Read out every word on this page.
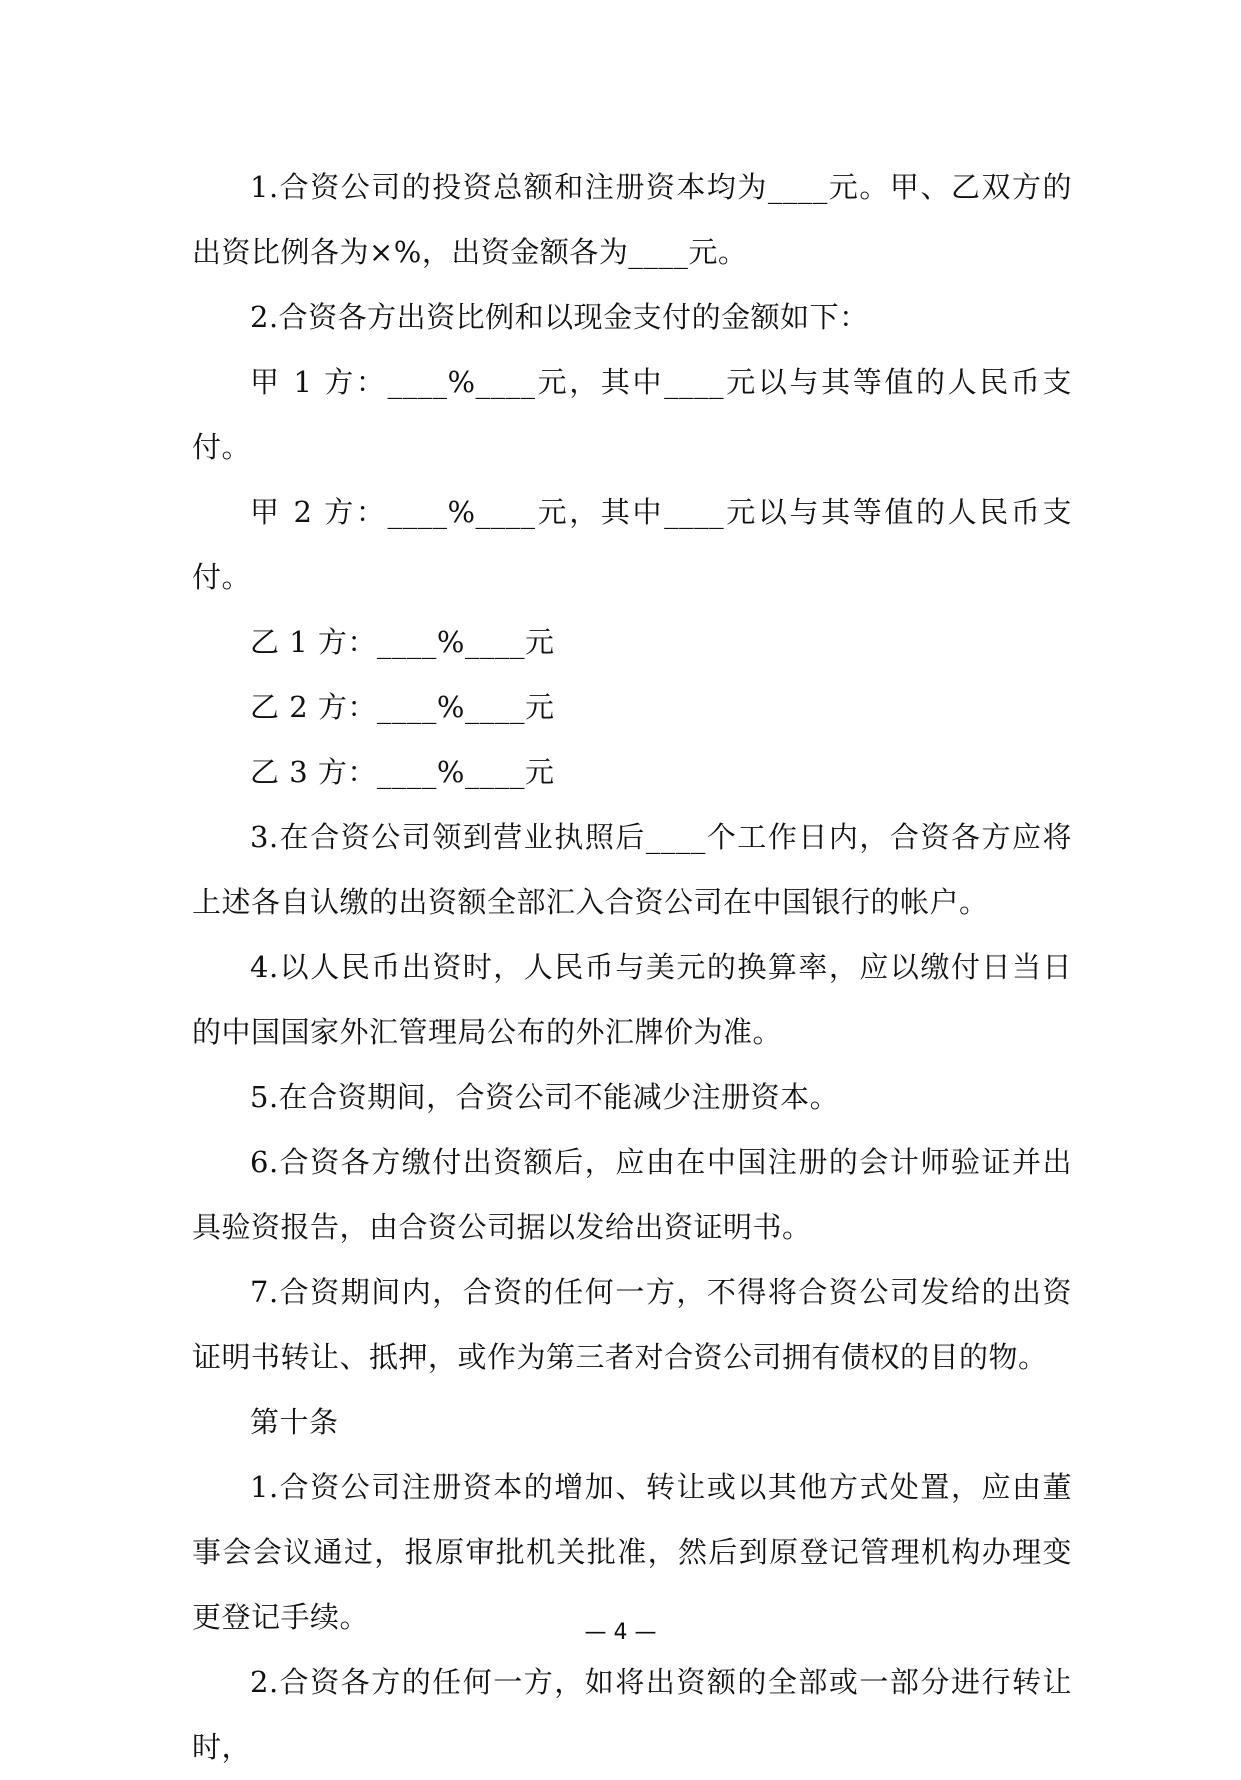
1.合资公司的投资总额和注册资本均为____元。甲、乙双方的出资比例各为×%，出资金额各为____元。

2.合资各方出资比例和以现金支付的金额如下：

甲 1 方：____%____元，其中____元以与其等值的人民币支付。

甲 2 方：____%____元，其中____元以与其等值的人民币支付。

乙 1 方：____%____元

乙 2 方：____%____元

乙 3 方：____%____元

3.在合资公司领到营业执照后____个工作日内，合资各方应将上述各自认缴的出资额全部汇入合资公司在中国银行的帐户。

4.以人民币出资时，人民币与美元的换算率，应以缴付日当日的中国国家外汇管理局公布的外汇牌价为准。

5.在合资期间，合资公司不能减少注册资本。

6.合资各方缴付出资额后，应由在中国注册的会计师验证并出具验资报告，由合资公司据以发给出资证明书。

7.合资期间内，合资的任何一方，不得将合资公司发给的出资证明书转让、抵押，或作为第三者对合资公司拥有债权的目的物。

第十条

1.合资公司注册资本的增加、转让或以其他方式处置，应由董事会会议通过，报原审批机关批准，然后到原登记管理机构办理变更登记手续。

2.合资各方的任何一方，如将出资额的全部或一部分进行转让时，

— 4 —
